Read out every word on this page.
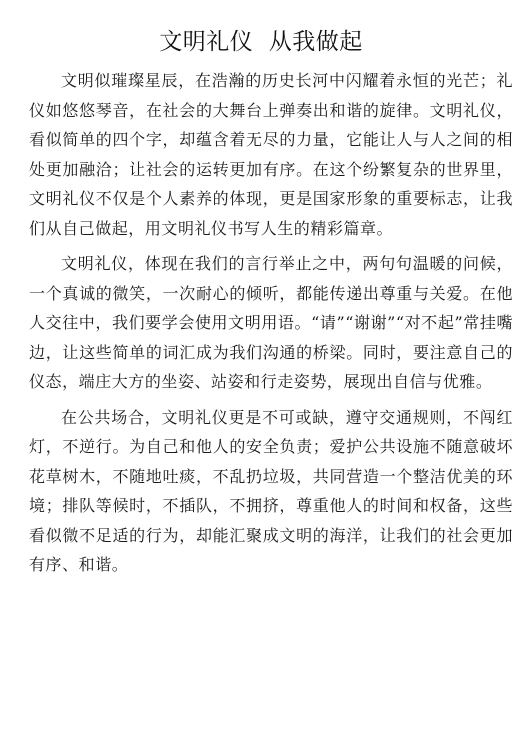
文明礼仪  从我做起

文明似璀璨星辰，在浩瀚的历史长河中闪耀着永恒的光芒；礼仪如悠悠琴音，在社会的大舞台上弹奏出和谐的旋律。文明礼仪，看似简单的四个字，却蕴含着无尽的力量，它能让人与人之间的相处更加融洽；让社会的运转更加有序。在这个纷繁复杂的世界里，文明礼仪不仅是个人素养的体现，更是国家形象的重要标志，让我们从自己做起，用文明礼仪书写人生的精彩篇章。

文明礼仪，体现在我们的言行举止之中，两句句温暖的问候，一个真诚的微笑，一次耐心的倾听，都能传递出尊重与关爱。在他人交往中，我们要学会使用文明用语。“请”“谢谢”“对不起”常挂嘴边，让这些简单的词汇成为我们沟通的桥梁。同时，要注意自己的仪态，端庄大方的坐姿、站姿和行走姿势，展现出自信与优雅。

在公共场合，文明礼仪更是不可或缺，遵守交通规则，不闯红灯，不逆行。为自己和他人的安全负责；爱护公共设施不随意破坏花草树木，不随地吐痰，不乱扔垃圾，共同营造一个整洁优美的环境；排队等候时，不插队，不拥挤，尊重他人的时间和权备，这些看似微不足适的行为，却能汇聚成文明的海洋，让我们的社会更加有序、和谐。
